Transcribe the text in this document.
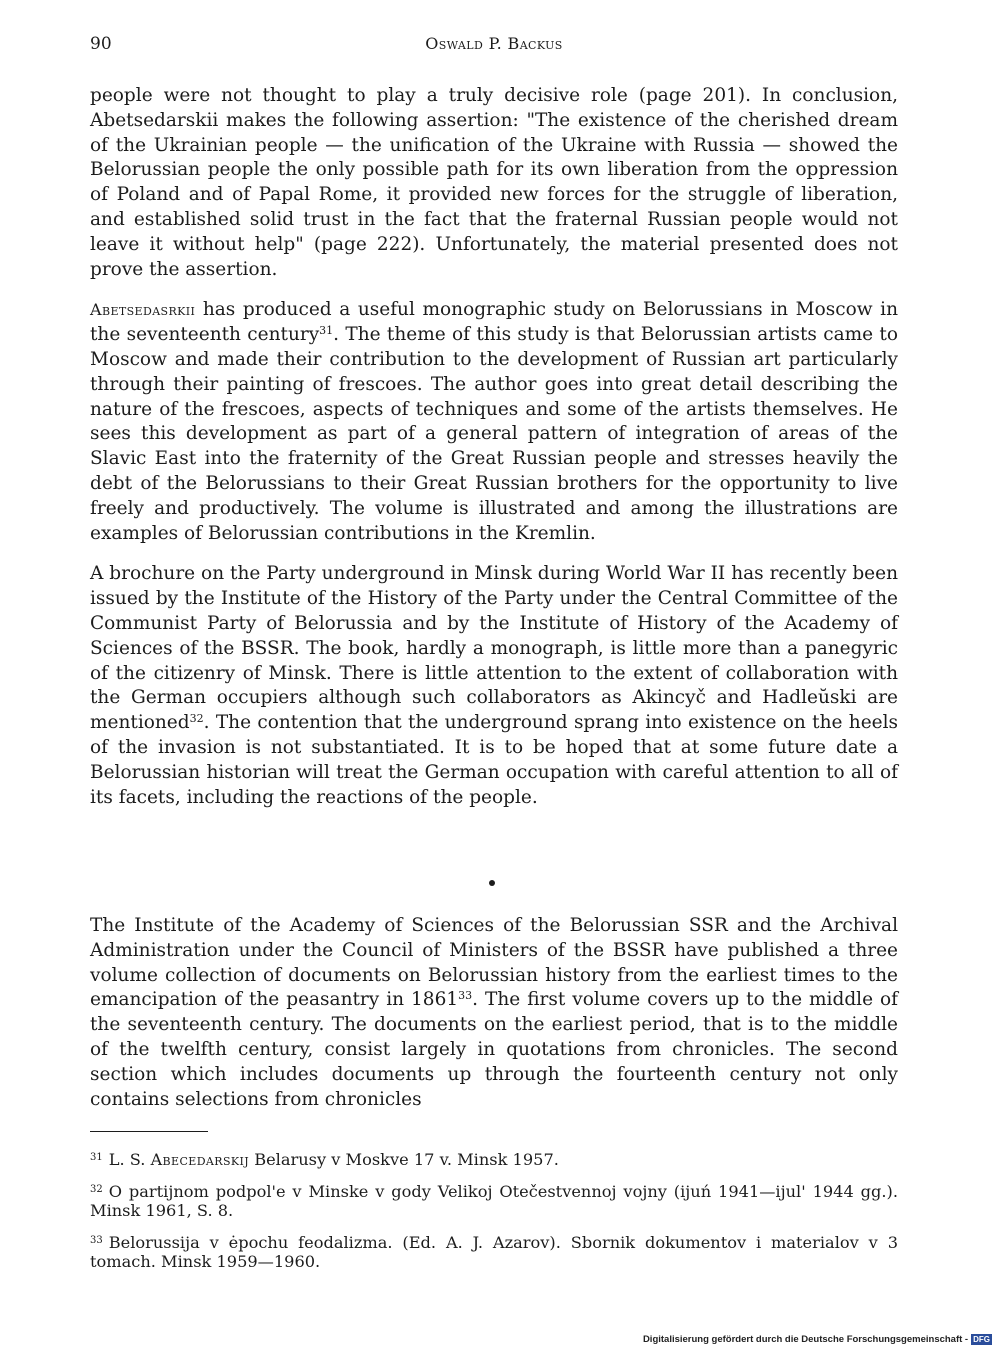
90	Oswald P. Backus

people were not thought to play a truly decisive role (page 201). In conclusion, Abetsedarskii makes the following assertion: "The existence of the cherished dream of the Ukrainian people — the unification of the Ukraine with Russia — showed the Belorussian people the only possible path for its own liberation from the oppression of Poland and of Papal Rome, it provided new forces for the struggle of liberation, and established solid trust in the fact that the fraternal Russian people would not leave it without help" (page 222). Unfortunately, the material presented does not prove the assertion.

Abetsedasrkii has produced a useful monographic study on Belorussians in Moscow in the seventeenth century$^{31}$. The theme of this study is that Belorussian artists came to Moscow and made their contribution to the development of Russian art particularly through their painting of frescoes. The author goes into great detail describing the nature of the frescoes, aspects of techniques and some of the artists themselves. He sees this development as part of a general pattern of integration of areas of the Slavic East into the fraternity of the Great Russian people and stresses heavily the debt of the Belorussians to their Great Russian brothers for the opportunity to live freely and productively. The volume is illustrated and among the illustrations are examples of Belorussian contributions in the Kremlin.

A brochure on the Party underground in Minsk during World War II has recently been issued by the Institute of the History of the Party under the Central Committee of the Communist Party of Belorussia and by the Institute of History of the Academy of Sciences of the BSSR. The book, hardly a monograph, is little more than a panegyric of the citizenry of Minsk. There is little attention to the extent of collaboration with the German occupiers although such collaborators as Akincyč and Hadleŭski are mentioned$^{32}$. The contention that the underground sprang into existence on the heels of the invasion is not substantiated. It is to be hoped that at some future date a Belorussian historian will treat the German occupation with careful attention to all of its facets, including the reactions of the people.

The Institute of the Academy of Sciences of the Belorussian SSR and the Archival Administration under the Council of Ministers of the BSSR have published a three volume collection of documents on Belorussian history from the earliest times to the emancipation of the peasantry in 1861$^{33}$. The first volume covers up to the middle of the seventeenth century. The documents on the earliest period, that is to the middle of the twelfth century, consist largely in quotations from chronicles. The second section which includes documents up through the fourteenth century not only contains selections from chronicles

$^{31}$ L. S. Abecedarskij Belarusy v Moskve 17 v. Minsk 1957.
$^{32}$ O partijnom podpol'e v Minske v gody Velikoj Otečestvennoj vojny (ijuń 1941—ijul' 1944 gg.). Minsk 1961, S. 8.
$^{33}$ Belorussija v ėpochu feodalizma. (Ed. A. J. Azarov). Sbornik dokumentov i materialov v 3 tomach. Minsk 1959—1960.
Digitalisierung gefördert durch die Deutsche Forschungsgemeinschaft - DFG
